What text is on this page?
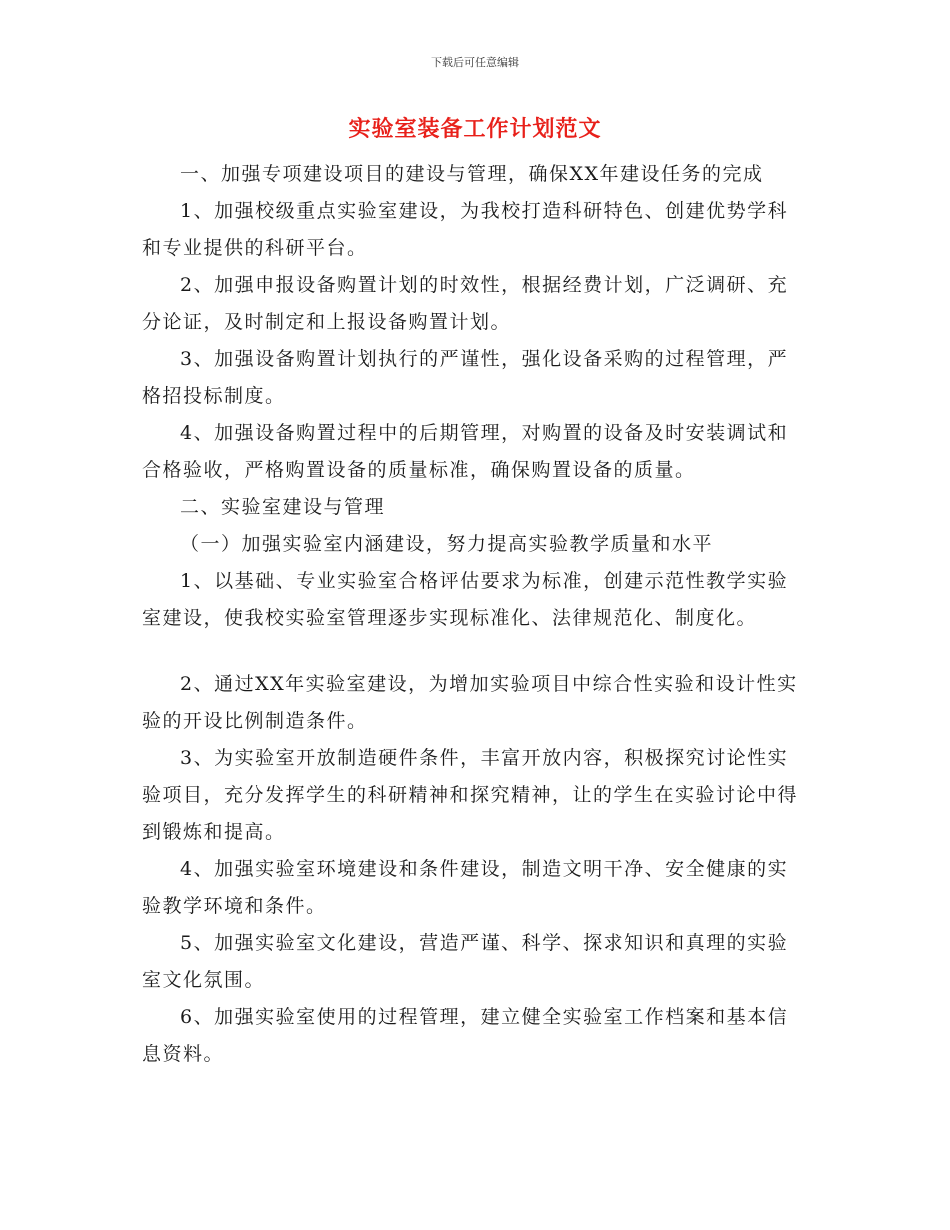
下载后可任意编辑
实验室装备工作计划范文

一、加强专项建设项目的建设与管理，确保XX年建设任务的完成

1、加强校级重点实验室建设，为我校打造科研特色、创建优势学科和专业提供的科研平台。

2、加强申报设备购置计划的时效性，根据经费计划，广泛调研、充分论证，及时制定和上报设备购置计划。

3、加强设备购置计划执行的严谨性，强化设备采购的过程管理，严格招投标制度。

4、加强设备购置过程中的后期管理，对购置的设备及时安装调试和合格验收，严格购置设备的质量标准，确保购置设备的质量。

二、实验室建设与管理

（一）加强实验室内涵建设，努力提高实验教学质量和水平

1、以基础、专业实验室合格评估要求为标准，创建示范性教学实验室建设，使我校实验室管理逐步实现标准化、法律规范化、制度化。

2、通过XX年实验室建设，为增加实验项目中综合性实验和设计性实验的开设比例制造条件。

3、为实验室开放制造硬件条件，丰富开放内容，积极探究讨论性实验项目，充分发挥学生的科研精神和探究精神，让的学生在实验讨论中得到锻炼和提高。

4、加强实验室环境建设和条件建设，制造文明干净、安全健康的实验教学环境和条件。

5、加强实验室文化建设，营造严谨、科学、探求知识和真理的实验室文化氛围。

6、加强实验室使用的过程管理，建立健全实验室工作档案和基本信息资料。
